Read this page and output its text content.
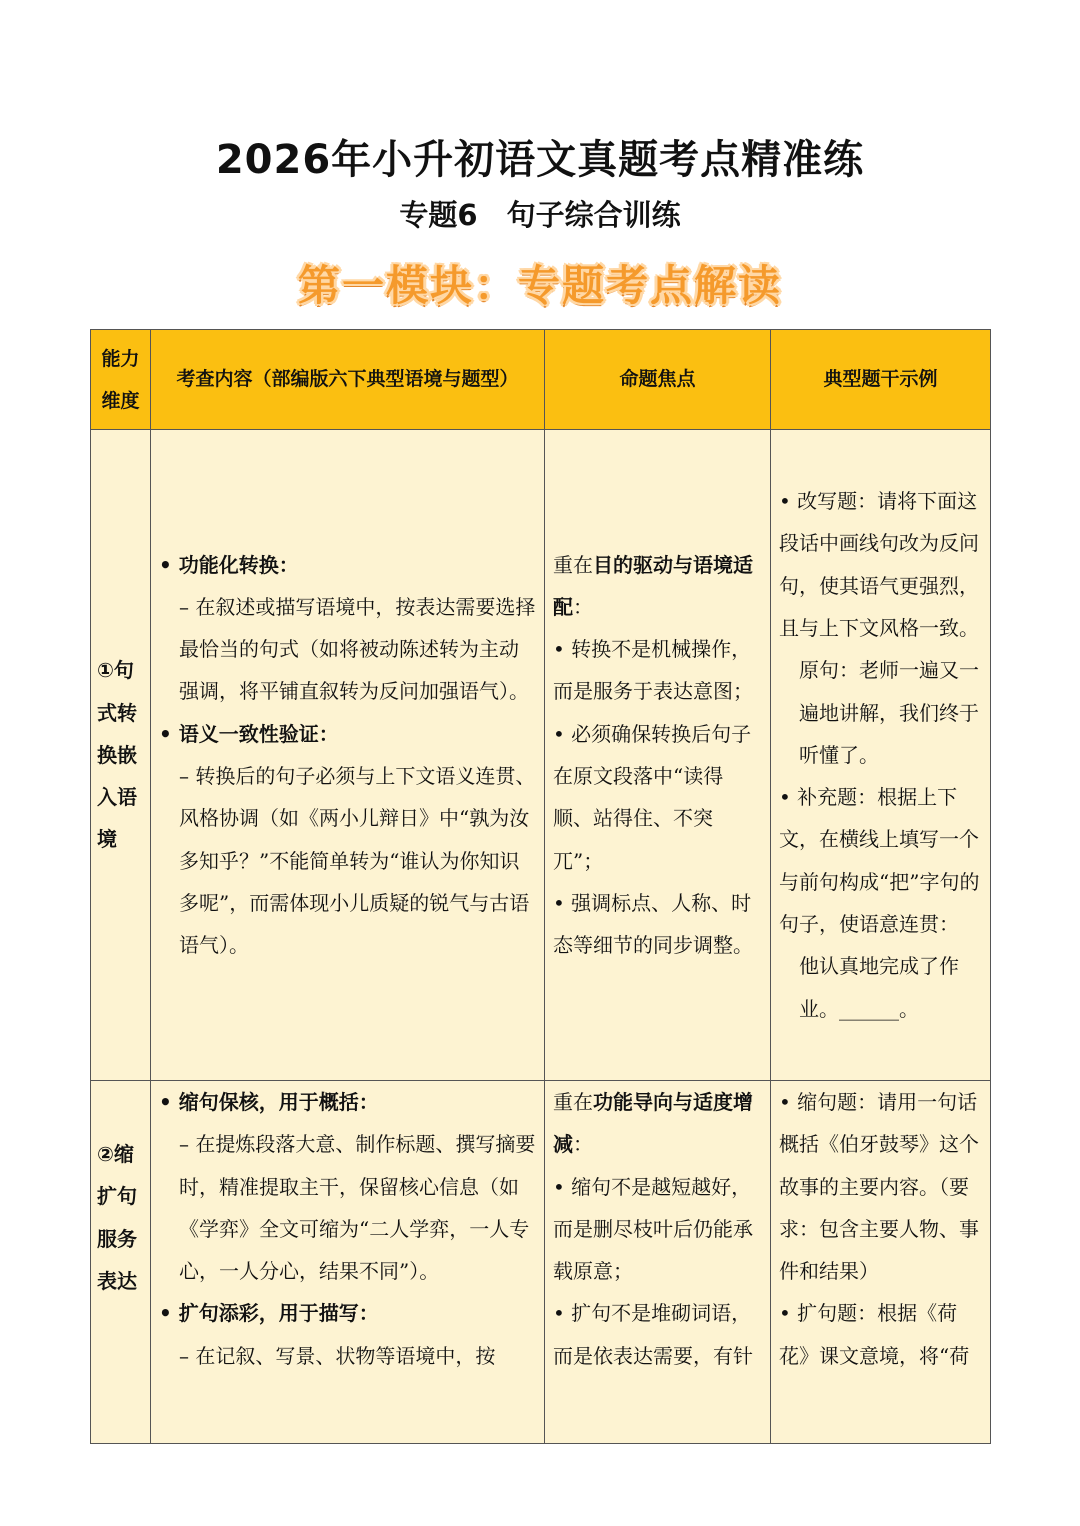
2026年小升初语文真题考点精准练
专题6　句子综合训练
第一模块：专题考点解读
能力维度	考查内容（部编版六下典型语境与题型）	命题焦点	典型题干示例
①句式转换嵌入语境	• 功能化转换：
– 在叙述或描写语境中，按表达需要选择最恰当的句式（如将被动陈述转为主动强调，将平铺直叙转为反问加强语气）。
• 语义一致性验证：
– 转换后的句子必须与上下文语义连贯、风格协调（如《两小儿辩日》中“孰为汝多知乎？”不能简单转为“谁认为你知识多呢”，而需体现小儿质疑的锐气与古语语气）。	重在目的驱动与语境适配：
• 转换不是机械操作，而是服务于表达意图；
• 必须确保转换后句子在原文段落中“读得顺、站得住、不突兀”；
• 强调标点、人称、时态等细节的同步调整。	• 改写题：请将下面这段话中画线句改为反问句，使其语气更强烈，且与上下文风格一致。
原句：老师一遍又一遍地讲解，我们终于听懂了。
• 补充题：根据上下文，在横线上填写一个与前句构成“把”字句的句子，使语意连贯：
他认真地完成了作业。______。

②缩扩句服务表达	• 缩句保核，用于概括：
– 在提炼段落大意、制作标题、撰写摘要时，精准提取主干，保留核心信息（如《学弈》全文可缩为“二人学弈，一人专心，一人分心，结果不同”）。
• 扩句添彩，用于描写：
– 在记叙、写景、状物等语境中，按	重在功能导向与适度增减：
• 缩句不是越短越好，而是删尽枝叶后仍能承载原意；
• 扩句不是堆砌词语，而是依表达需要，有针	• 缩句题：请用一句话概括《伯牙鼓琴》这个故事的主要内容。（要求：包含主要人物、事件和结果）
• 扩句题：根据《荷花》课文意境，将“荷
